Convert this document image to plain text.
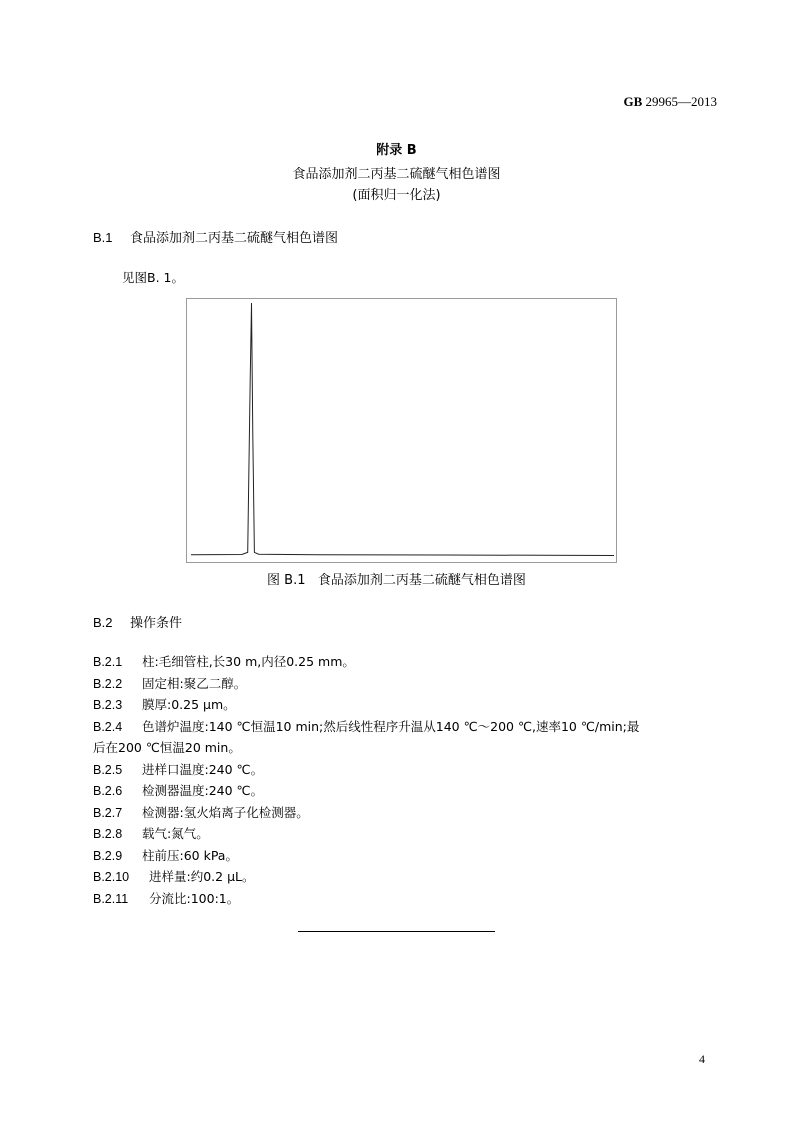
GB 29965—2013
附录 B
食品添加剂二丙基二硫醚气相色谱图
(面积归一化法)
B.1 食品添加剂二丙基二硫醚气相色谱图
见图B. 1。
图 B.1 食品添加剂二丙基二硫醚气相色谱图
B.2 操作条件
B.2.1 柱:毛细管柱,长30 m,内径0.25 mm。
B.2.2 固定相:聚乙二醇。
B.2.3 膜厚:0.25 μm。
B.2.4 色谱炉温度:140 ℃恒温10 min;然后线性程序升温从140 ℃～200 ℃,速率10 ℃/min;最
后在200 ℃恒温20 min。
B.2.5 进样口温度:240 ℃。
B.2.6 检测器温度:240 ℃。
B.2.7 检测器:氢火焰离子化检测器。
B.2.8 载气:氮气。
B.2.9 柱前压:60 kPa。
B.2.10 进样量:约0.2 μL。
B.2.11 分流比:100:1。
4
